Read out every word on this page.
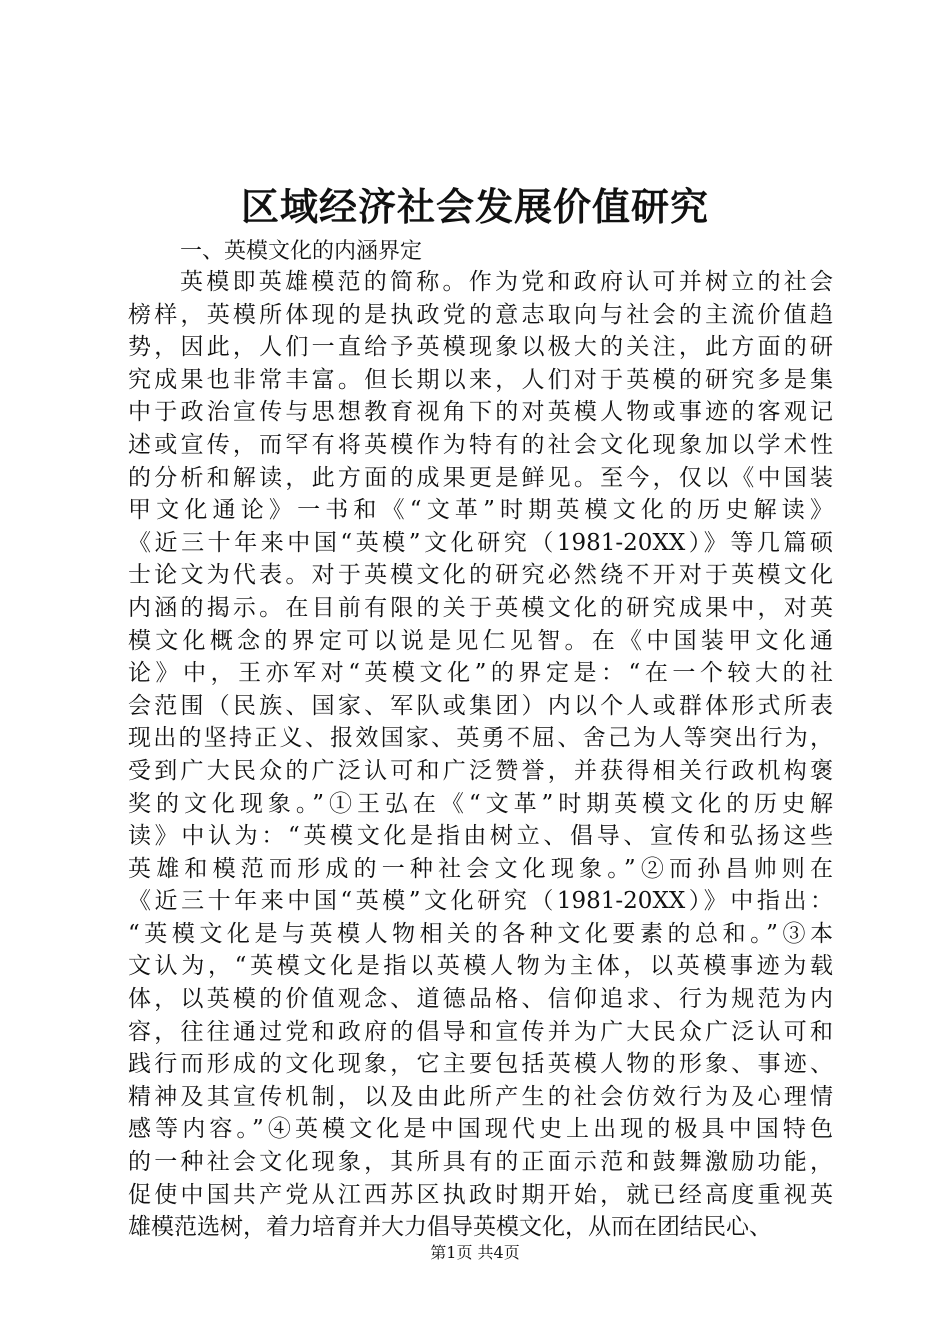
区域经济社会发展价值研究
一、英模文化的内涵界定
英模即英雄模范的简称。作为党和政府认可并树立的社会
榜样，英模所体现的是执政党的意志取向与社会的主流价值趋
势，因此，人们一直给予英模现象以极大的关注，此方面的研
究成果也非常丰富。但长期以来，人们对于英模的研究多是集
中于政治宣传与思想教育视角下的对英模人物或事迹的客观记
述或宣传，而罕有将英模作为特有的社会文化现象加以学术性
的分析和解读，此方面的成果更是鲜见。至今，仅以《中国装
甲文化通论》一书和《“文革”时期英模文化的历史解读》
《近三十年来中国“英模”文化研究（1981-20XX）》等几篇硕
士论文为代表。对于英模文化的研究必然绕不开对于英模文化
内涵的揭示。在目前有限的关于英模文化的研究成果中，对英
模文化概念的界定可以说是见仁见智。在《中国装甲文化通
论》中，王亦军对“英模文化”的界定是：“在一个较大的社
会范围（民族、国家、军队或集团）内以个人或群体形式所表
现出的坚持正义、报效国家、英勇不屈、舍己为人等突出行为，
受到广大民众的广泛认可和广泛赞誉，并获得相关行政机构褒
奖的文化现象。”①王弘在《“文革”时期英模文化的历史解
读》中认为：“英模文化是指由树立、倡导、宣传和弘扬这些
英雄和模范而形成的一种社会文化现象。”②而孙昌帅则在
《近三十年来中国“英模”文化研究（1981-20XX）》中指出：
“英模文化是与英模人物相关的各种文化要素的总和。”③本
文认为，“英模文化是指以英模人物为主体，以英模事迹为载
体，以英模的价值观念、道德品格、信仰追求、行为规范为内
容，往往通过党和政府的倡导和宣传并为广大民众广泛认可和
践行而形成的文化现象，它主要包括英模人物的形象、事迹、
精神及其宣传机制，以及由此所产生的社会仿效行为及心理情
感等内容。”④英模文化是中国现代史上出现的极具中国特色
的一种社会文化现象，其所具有的正面示范和鼓舞激励功能，
促使中国共产党从江西苏区执政时期开始，就已经高度重视英
雄模范选树，着力培育并大力倡导英模文化，从而在团结民心、
第1页 共4页
